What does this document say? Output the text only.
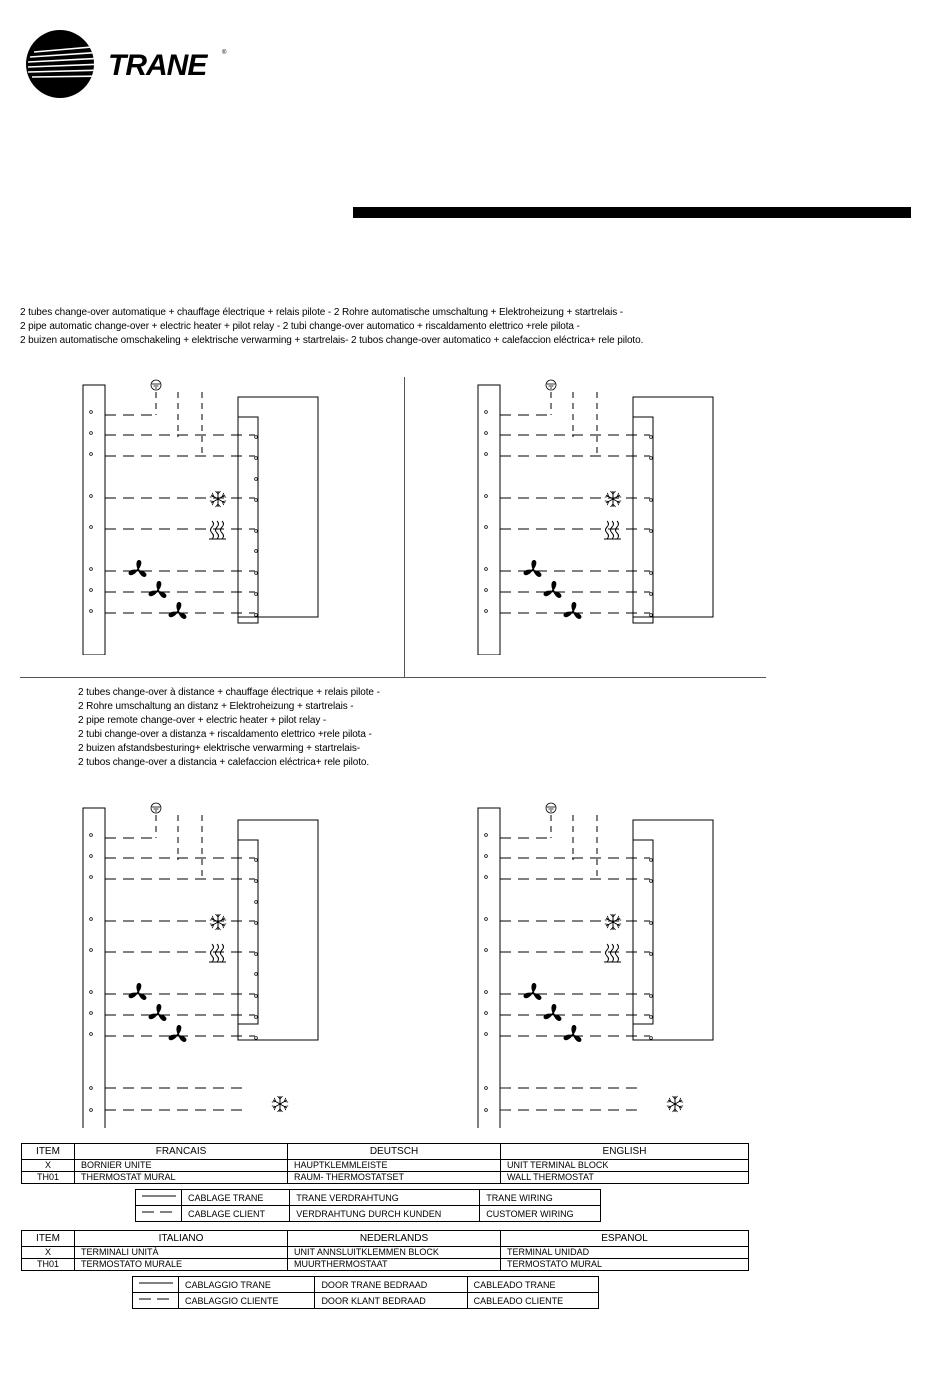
TRANE	®
2 tubes change-over automatique + chauffage électrique + relais pilote - 2 Rohre automatische umschaltung + Elektroheizung + startrelais -
2 pipe automatic change-over + electric heater + pilot relay - 2 tubi change-over automatico + riscaldamento elettrico +rele pilota -
2 buizen automatische omschakeling + elektrische verwarming + startrelais- 2 tubos change-over automatico + calefaccion eléctrica+ rele piloto.
2 tubes change-over à distance + chauffage électrique + relais pilote -
2 Rohre umschaltung an distanz + Elektroheizung + startrelais -
2 pipe remote change-over + electric heater + pilot relay -
2 tubi change-over a distanza + riscaldamento elettrico +rele pilota -
2 buizen afstandsbesturing+ elektrische verwarming + startrelais-
2 tubos change-over a distancia + calefaccion eléctrica+ rele piloto.
ITEM	FRANCAIS	DEUTSCH	ENGLISH
X	BORNIER UNITE	HAUPTKLEMMLEISTE	UNIT TERMINAL BLOCK
TH01	THERMOSTAT MURAL	RAUM- THERMOSTATSET	WALL THERMOSTAT
	CABLAGE TRANE	TRANE VERDRAHTUNG	TRANE WIRING
	CABLAGE CLIENT	VERDRAHTUNG DURCH KUNDEN	CUSTOMER WIRING
ITEM	ITALIANO	NEDERLANDS	ESPANOL
X	TERMINALI UNITÀ	UNIT ANNSLUITKLEMMEN BLOCK	TERMINAL UNIDAD
TH01	TERMOSTATO MURALE	MUURTHERMOSTAAT	TERMOSTATO MURAL
	CABLAGGIO TRANE	DOOR TRANE BEDRAAD	CABLEADO TRANE
	CABLAGGIO CLIENTE	DOOR KLANT BEDRAAD	CABLEADO CLIENTE
